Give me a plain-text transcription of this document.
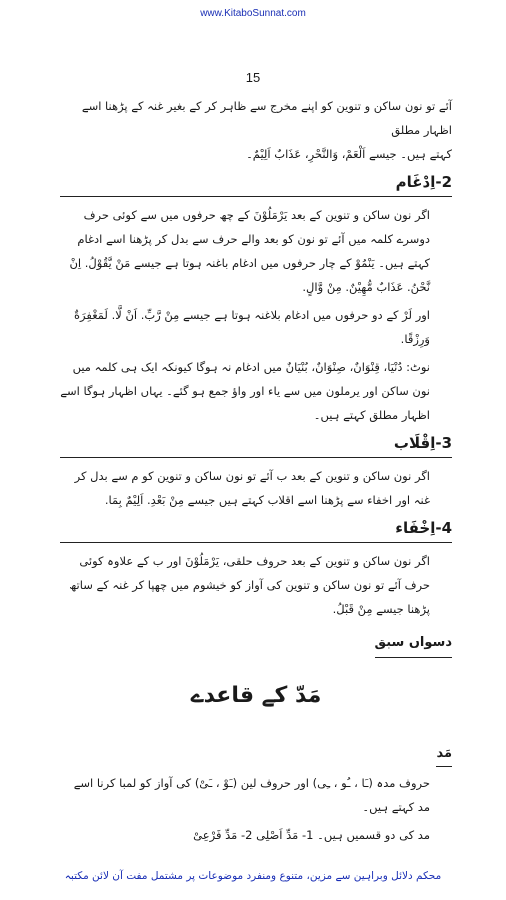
www.KitaboSunnat.com
15

آئے تو نون ساکن و تنوین کو اپنے مخرج سے ظاہر کر کے بغیر غنہ کے پڑھنا اسے اظہار مطلق
کہتے ہیں۔ جیسے اَلْعَمْ، وَالنَّحْرِ، عَذَابٌ اَلِيْمٌ۔

2-اِدْغَام

اگر نون ساکن و تنوین کے بعد یَرْمَلُوْنَ کے چھ حرفوں میں سے کوئی حرف دوسرے کلمہ میں آئے تو نون کو بعد والے حرف سے بدل کر پڑھنا اسے ادغام کہتے ہیں۔ یَنْمُوْ کے چار حرفوں میں ادغام باغنہ ہوتا ہے جیسے مَنْ يَّقُوْلُ. اِنْ نَّحْنُ. عَذَابٌ مُّهِيْنٌ. مِنْ وَّالٍ.

اور لَرْ کے دو حرفوں میں ادغام بلاغنہ ہوتا ہے جیسے مِنْ رَّبِّ. اَنْ لَّا. لَمَغْفِرَةٌ وَرِزْقًا.

نوٹ: دُنْيَا، قِنْوَانٌ، صِنْوَانٌ، بُنْيَانٌ میں ادغام نہ ہوگا کیونکہ ایک ہی کلمہ میں نون ساکن اور یرملون میں سے یاء اور واؤ جمع ہو گئے۔ یہاں اظہار ہوگا اسے اظہار مطلق کہتے ہیں۔

3-اِقْلَاب

اگر نون ساکن و تنوین کے بعد ب آئے تو نون ساکن و تنوین کو م سے بدل کر غنہ اور اخفاء سے پڑھنا اسے اقلاب کہتے ہیں جیسے مِنْ بَعْدِ. اَلِيْمٌ بِمَا.

4-اِخْفَاء

اگر نون ساکن و تنوین کے بعد حروف حلقی، یَرْمَلُوْنَ اور ب کے علاوہ کوئی حرف آئے تو نون ساکن و تنوین کی آواز کو خیشوم میں چھپا کر غنہ کے ساتھ پڑھنا جیسے مِنْ قَبْلُ.

دسواں سبق
مَدّ کے قاعدے
مَد

حروف مدہ (ـَا ، ـُو ، ـِی) اور حروف لین (ـَوْ ، ـَیْ) کی آواز کو لمبا کرنا اسے مد کہتے ہیں۔

مد کی دو قسمیں ہیں۔ 1- مَدِّ اَصْلِی 2- مَدِّ فَرْعِیْ

محکم دلائل وبراہین سے مزین، متنوع ومنفرد موضوعات پر مشتمل مفت آن لائن مکتبہ
